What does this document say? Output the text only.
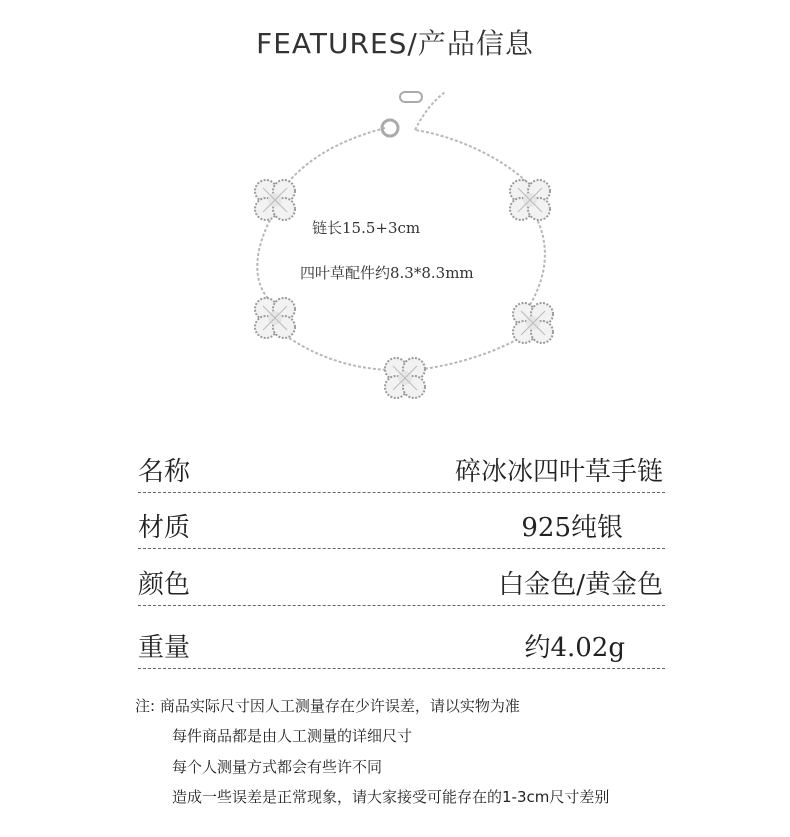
FEATURES/产品信息
链长15.5+3cm
四叶草配件约8.3*8.3mm
名称	碎冰冰四叶草手链
材质	925纯银
颜色	白金色/黄金色
重量	约4.02g
注: 商品实际尺寸因人工测量存在少许误差，请以实物为准
每件商品都是由人工测量的详细尺寸
每个人测量方式都会有些许不同
造成一些误差是正常现象，请大家接受可能存在的1-3cm尺寸差别
